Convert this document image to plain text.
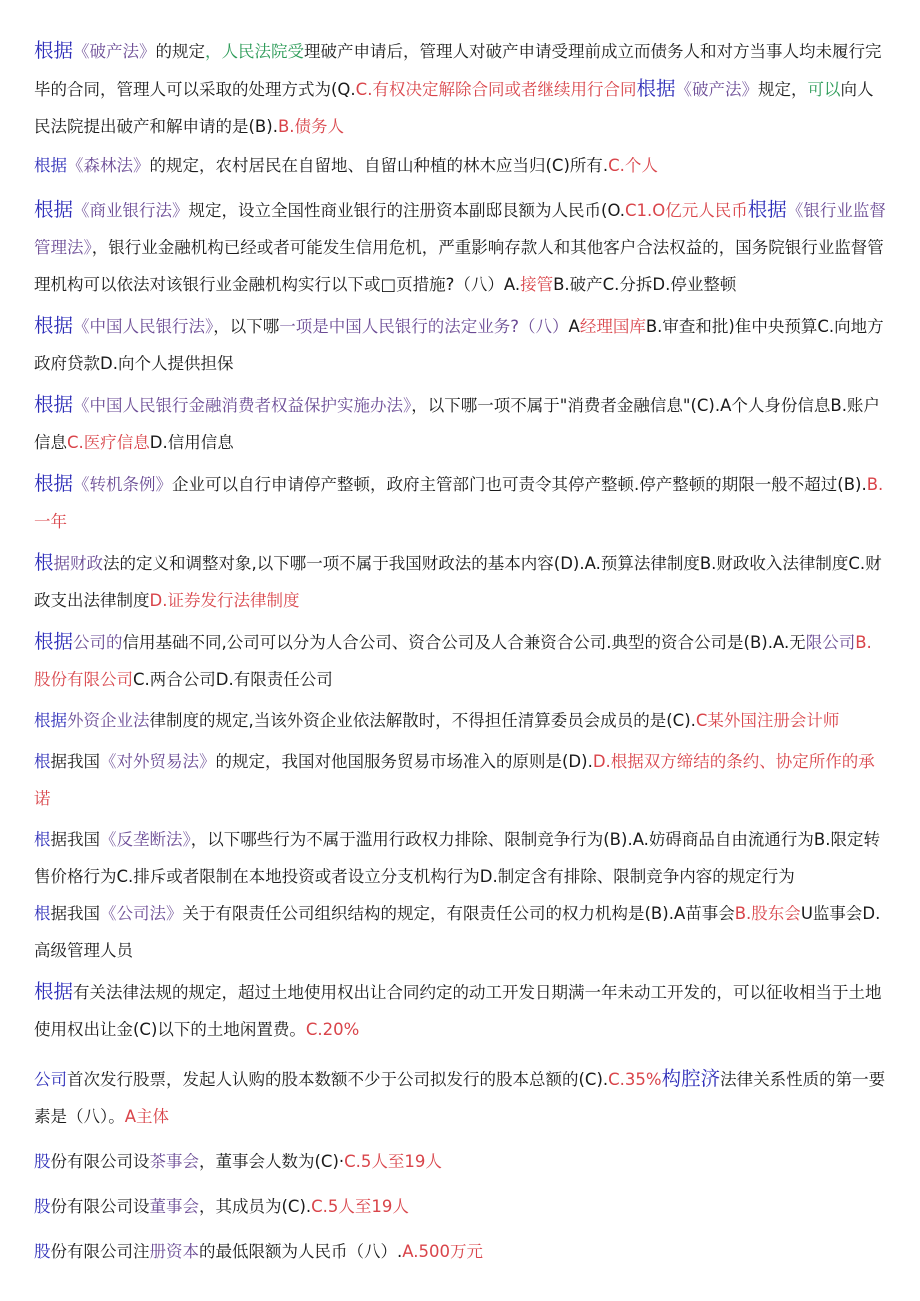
根据《破产法》的规定，人民法院受理破产申请后，管理人对破产申请受理前成立而债务人和对方当事人均未履行完毕的合同，管理人可以采取的处理方式为(Q.C.有权决定解除合同或者继续用行合同根据《破产法》规定，可以向人民法院提出破产和解申请的是(B).B.债务人

根据《森林法》的规定，农村居民在自留地、自留山种植的林木应当归(C)所有.C.个人

根据《商业银行法》规定，设立全国性商业银行的注册资本副邸艮额为人民币(O.C1.O亿元人民币根据《银行业监督管理法》，银行业金融机构已经或者可能发生信用危机，严重影响存款人和其他客户合法权益的，国务院银行业监督管理机构可以依法对该银行业金融机构实行以下或□页措施?（八）A.接管B.破产C.分拆D.停业整顿

根据《中国人民银行法》，以下哪一项是中国人民银行的法定业务?（八）A经理国库B.审查和批)隹中央预算C.向地方政府贷款D.向个人提供担保

根据《中国人民银行金融消费者权益保护实施办法》，以下哪一项不属于"消费者金融信息"(C).A个人身份信息B.账户信息C.医疗信息D.信用信息

根据《转机条例》企业可以自行申请停产整顿，政府主管部门也可责令其停产整顿.停产整顿的期限一般不超过(B).B.一年

根据财政法的定义和调整对象,以下哪一项不属于我国财政法的基本内容(D).A.预算法律制度B.财政收入法律制度C.财政支出法律制度D.证券发行法律制度

根据公司的信用基础不同,公司可以分为人合公司、资合公司及人合兼资合公司.典型的资合公司是(B).A.无限公司B.股份有限公司C.两合公司D.有限责任公司

根据外资企业法律制度的规定,当该外资企业依法解散时，不得担任清算委员会成员的是(C).C某外国注册会计师

根据我国《对外贸易法》的规定，我国对他国服务贸易市场准入的原则是(D).D.根据双方缔结的条约、协定所作的承诺

根据我国《反垄断法》，以下哪些行为不属于滥用行政权力排除、限制竞争行为(B).A.妨碍商品自由流通行为B.限定转售价格行为C.排斥或者限制在本地投资或者设立分支机构行为D.制定含有排除、限制竞争内容的规定行为

根据我国《公司法》关于有限责任公司组织结构的规定，有限责任公司的权力机构是(B).A苗事会B.股东会U监事会D.高级管理人员

根据有关法律法规的规定，超过土地使用权出让合同约定的动工开发日期满一年未动工开发的，可以征收相当于土地使用权出让金(C)以下的土地闲置费。C.20%

公司首次发行股票，发起人认购的股本数额不少于公司拟发行的股本总额的(C).C.35%构腔济法律关系性质的第一要素是（八）。A主体

股份有限公司设茶事会，董事会人数为(C)·C.5人至19人

股份有限公司设董事会，其成员为(C).C.5人至19人

股份有限公司注册资本的最低限额为人民币（八）.A.500万元
